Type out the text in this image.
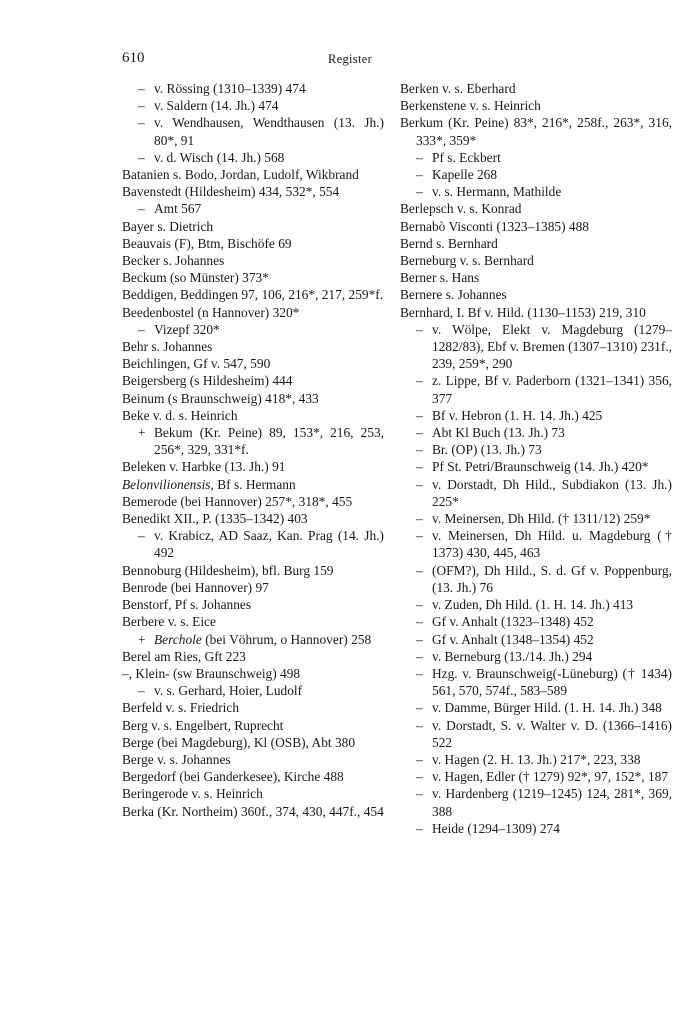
610	Register

– v. Rössing (1310–1339) 474

– v. Saldern (14. Jh.) 474

– v. Wendhausen, Wendthausen (13. Jh.) 80*, 91

– v. d. Wisch (14. Jh.) 568

Batanien s. Bodo, Jordan, Ludolf, Wikbrand

Bavenstedt (Hildesheim) 434, 532*, 554

– Amt 567

Bayer s. Dietrich

Beauvais (F), Btm, Bischöfe 69

Becker s. Johannes

Beckum (so Münster) 373*

Beddigen, Beddingen 97, 106, 216*, 217, 259*f.

Beedenbostel (n Hannover) 320*

– Vizepf 320*

Behr s. Johannes

Beichlingen, Gf v. 547, 590

Beigersberg (s Hildesheim) 444

Beinum (s Braunschweig) 418*, 433

Beke v. d. s. Heinrich

+ Bekum (Kr. Peine) 89, 153*, 216, 253, 256*, 329, 331*f.

Beleken v. Harbke (13. Jh.) 91

Belonvilionensis, Bf s. Hermann

Bemerode (bei Hannover) 257*, 318*, 455

Benedikt XII., P. (1335–1342) 403

– v. Krabicz, AD Saaz, Kan. Prag (14. Jh.) 492

Bennoburg (Hildesheim), bfl. Burg 159

Benrode (bei Hannover) 97

Benstorf, Pf s. Johannes

Berbere v. s. Eice

+ Berchole (bei Vöhrum, o Hannover) 258

Berel am Ries, Gft 223

–, Klein- (sw Braunschweig) 498

– v. s. Gerhard, Hoier, Ludolf

Berfeld v. s. Friedrich

Berg v. s. Engelbert, Ruprecht

Berge (bei Magdeburg), Kl (OSB), Abt 380

Berge v. s. Johannes

Bergedorf (bei Ganderkesee), Kirche 488

Beringerode v. s. Heinrich

Berka (Kr. Northeim) 360f., 374, 430, 447f., 454

Berken v. s. Eberhard

Berkenstene v. s. Heinrich

Berkum (Kr. Peine) 83*, 216*, 258f., 263*, 316, 333*, 359*

– Pf s. Eckbert

– Kapelle 268

– v. s. Hermann, Mathilde

Berlepsch v. s. Konrad

Bernabò Visconti (1323–1385) 488

Bernd s. Bernhard

Berneburg v. s. Bernhard

Berner s. Hans

Bernere s. Johannes

Bernhard, I. Bf v. Hild. (1130–1153) 219, 310

– v. Wölpe, Elekt v. Magdeburg (1279–1282/83), Ebf v. Bremen (1307–1310) 231f., 239, 259*, 290

– z. Lippe, Bf v. Paderborn (1321–1341) 356, 377

– Bf v. Hebron (1. H. 14. Jh.) 425

– Abt Kl Buch (13. Jh.) 73

– Br. (OP) (13. Jh.) 73

– Pf St. Petri/Braunschweig (14. Jh.) 420*

– v. Dorstadt, Dh Hild., Subdiakon (13. Jh.) 225*

– v. Meinersen, Dh Hild. († 1311/12) 259*

– v. Meinersen, Dh Hild. u. Magdeburg († 1373) 430, 445, 463

– (OFM?), Dh Hild., S. d. Gf v. Poppenburg, (13. Jh.) 76

– v. Zuden, Dh Hild. (1. H. 14. Jh.) 413

– Gf v. Anhalt (1323–1348) 452

– Gf v. Anhalt (1348–1354) 452

– v. Berneburg (13./14. Jh.) 294

– Hzg. v. Braunschweig(-Lüneburg) († 1434) 561, 570, 574f., 583–589

– v. Damme, Bürger Hild. (1. H. 14. Jh.) 348

– v. Dorstadt, S. v. Walter v. D. (1366–1416) 522

– v. Hagen (2. H. 13. Jh.) 217*, 223, 338

– v. Hagen, Edler († 1279) 92*, 97, 152*, 187

– v. Hardenberg (1219–1245) 124, 281*, 369, 388

– Heide (1294–1309) 274
